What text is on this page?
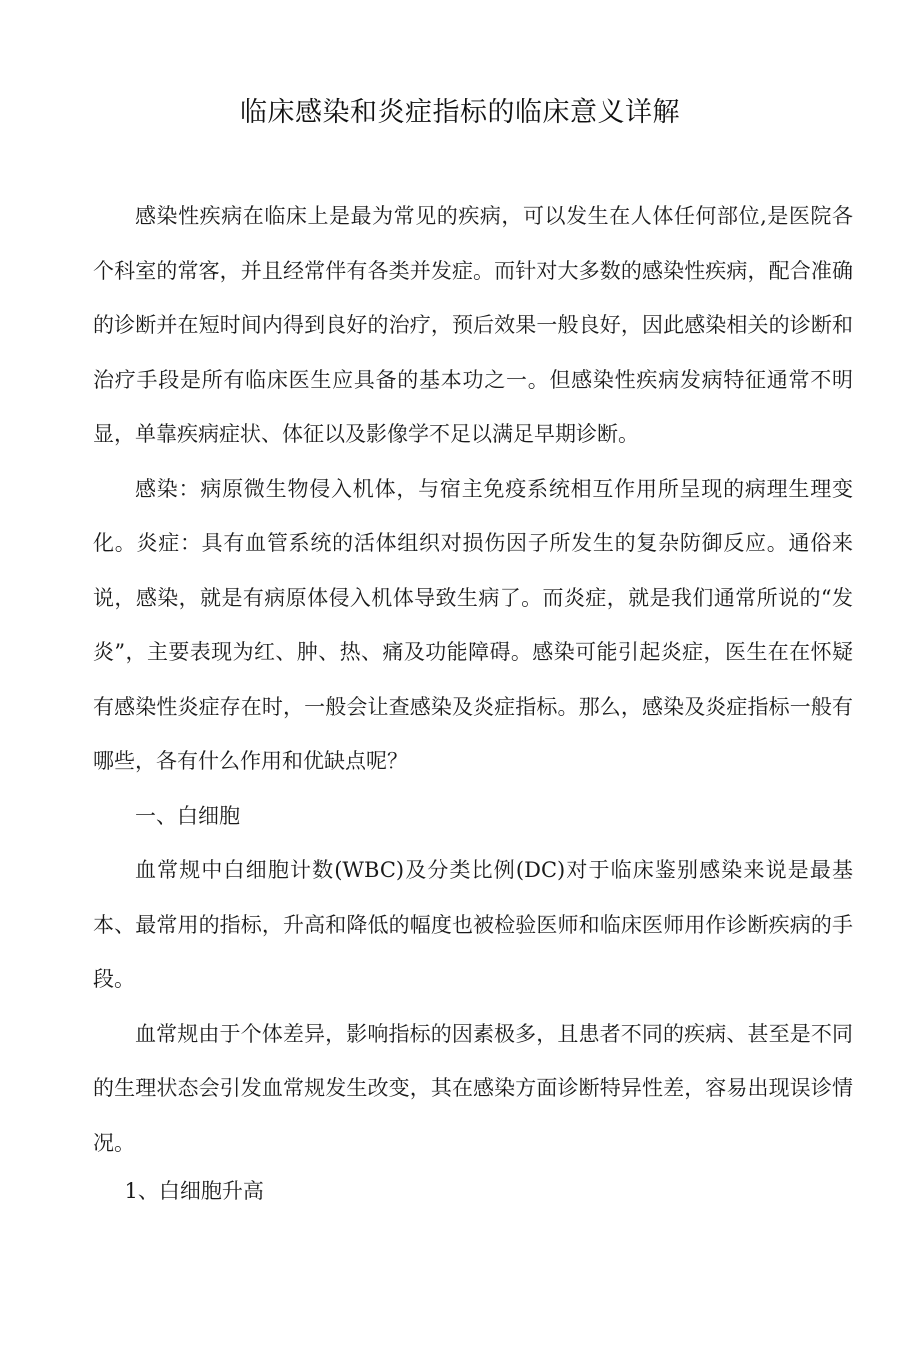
临床感染和炎症指标的临床意义详解

感染性疾病在临床上是最为常见的疾病，可以发生在人体任何部位,是医院各个科室的常客，并且经常伴有各类并发症。而针对大多数的感染性疾病，配合准确的诊断并在短时间内得到良好的治疗，预后效果一般良好，因此感染相关的诊断和治疗手段是所有临床医生应具备的基本功之一。但感染性疾病发病特征通常不明显，单靠疾病症状、体征以及影像学不足以满足早期诊断。

感染：病原微生物侵入机体，与宿主免疫系统相互作用所呈现的病理生理变化。炎症：具有血管系统的活体组织对损伤因子所发生的复杂防御反应。通俗来说，感染，就是有病原体侵入机体导致生病了。而炎症，就是我们通常所说的“发炎”，主要表现为红、肿、热、痛及功能障碍。感染可能引起炎症，医生在在怀疑有感染性炎症存在时，一般会让查感染及炎症指标。那么，感染及炎症指标一般有哪些，各有什么作用和优缺点呢？

一、白细胞

血常规中白细胞计数(WBC)及分类比例(DC)对于临床鉴别感染来说是最基本、最常用的指标，升高和降低的幅度也被检验医师和临床医师用作诊断疾病的手段。

血常规由于个体差异，影响指标的因素极多，且患者不同的疾病、甚至是不同的生理状态会引发血常规发生改变，其在感染方面诊断特异性差，容易出现误诊情况。

1、白细胞升高
